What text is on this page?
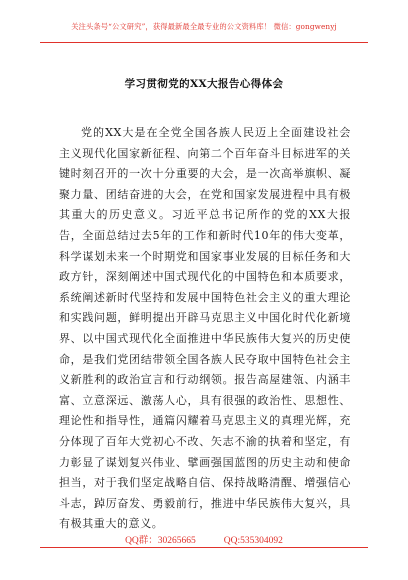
关注头条号“公文研究”，获得最新最全最专业的公文资料库！ 微信：gongwenyj
学习贯彻党的XX大报告心得体会

党的XX大是在全党全国各族人民迈上全面建设社会主义现代化国家新征程、向第二个百年奋斗目标进军的关键时刻召开的一次十分重要的大会，是一次高举旗帜、凝聚力量、团结奋进的大会，在党和国家发展进程中具有极其重大的历史意义。习近平总书记所作的党的XX大报告，全面总结过去5年的工作和新时代10年的伟大变革，科学谋划未来一个时期党和国家事业发展的目标任务和大政方针，深刻阐述中国式现代化的中国特色和本质要求，系统阐述新时代坚持和发展中国特色社会主义的重大理论和实践问题，鲜明提出开辟马克思主义中国化时代化新境界、以中国式现代化全面推进中华民族伟大复兴的历史使命，是我们党团结带领全国各族人民夺取中国特色社会主义新胜利的政治宣言和行动纲领。报告高屋建瓴、内涵丰富、立意深远、激荡人心，具有很强的政治性、思想性、理论性和指导性，通篇闪耀着马克思主义的真理光辉，充分体现了百年大党初心不改、矢志不渝的执着和坚定，有力彰显了谋划复兴伟业、擘画强国蓝图的历史主动和使命担当，对于我们坚定战略自信、保持战略清醒、增强信心斗志，踔厉奋发、勇毅前行，推进中华民族伟大复兴，具有极其重大的意义。

QQ群：30265665	QQ:535304092
